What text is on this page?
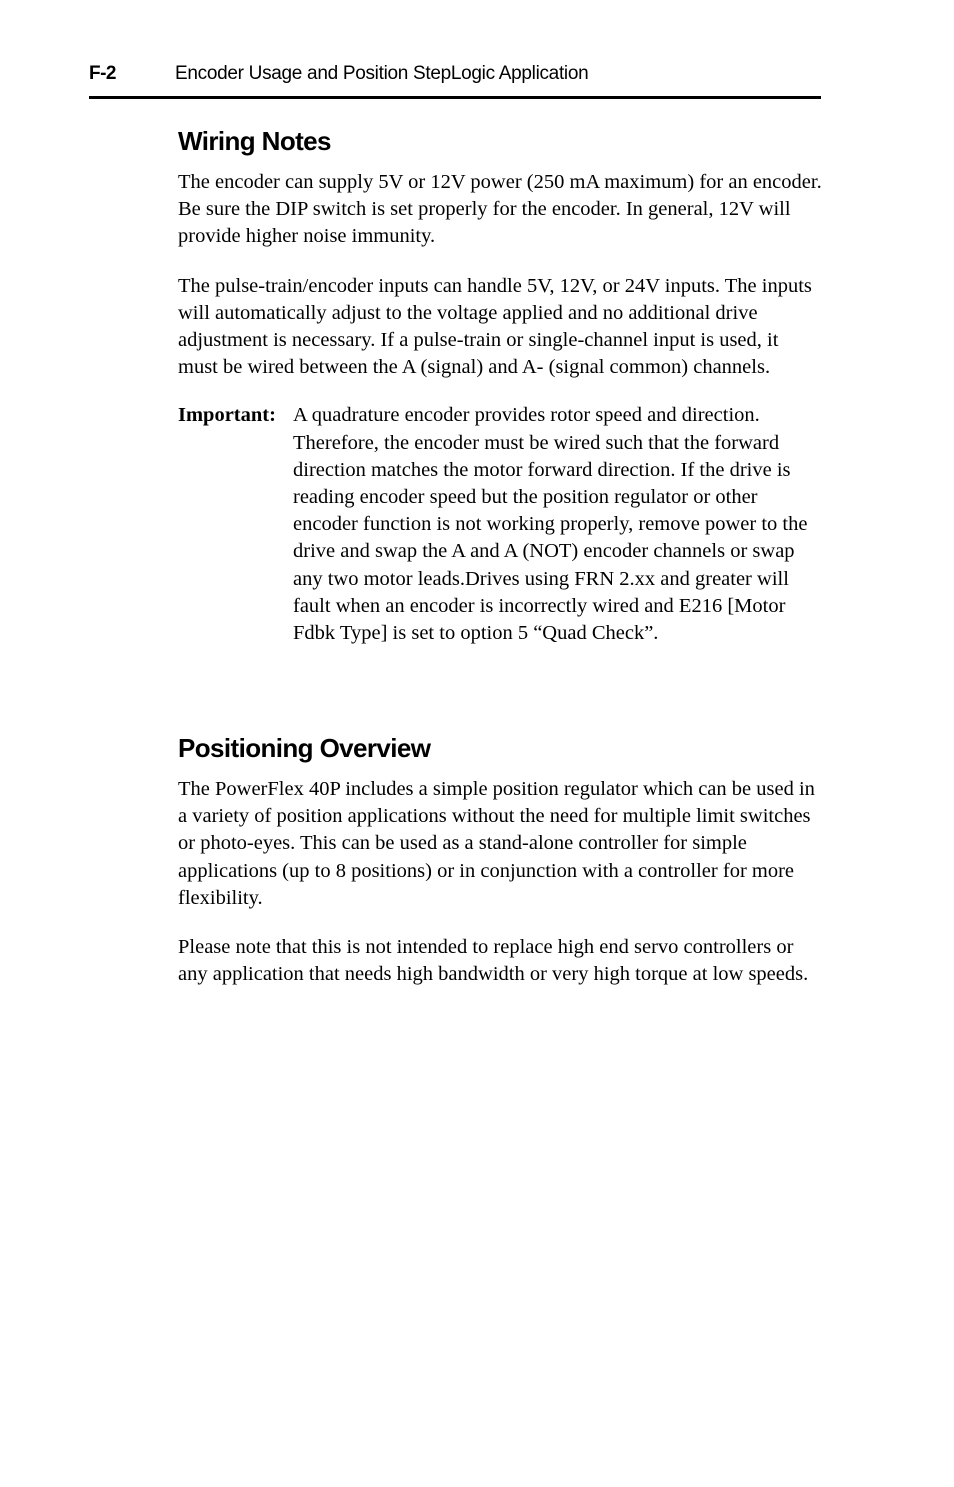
F-2	Encoder Usage and Position StepLogic Application
Wiring Notes

The encoder can supply 5V or 12V power (250 mA maximum) for an encoder. Be sure the DIP switch is set properly for the encoder. In general, 12V will provide higher noise immunity.

The pulse-train/encoder inputs can handle 5V, 12V, or 24V inputs. The inputs will automatically adjust to the voltage applied and no additional drive adjustment is necessary. If a pulse-train or single-channel input is used, it must be wired between the A (signal) and A- (signal common) channels.

Important: A quadrature encoder provides rotor speed and direction. Therefore, the encoder must be wired such that the forward direction matches the motor forward direction. If the drive is reading encoder speed but the position regulator or other encoder function is not working properly, remove power to the drive and swap the A and A (NOT) encoder channels or swap any two motor leads.Drives using FRN 2.xx and greater will fault when an encoder is incorrectly wired and E216 [Motor Fdbk Type] is set to option 5 “Quad Check”.
Positioning Overview

The PowerFlex 40P includes a simple position regulator which can be used in a variety of position applications without the need for multiple limit switches or photo-eyes. This can be used as a stand-alone controller for simple applications (up to 8 positions) or in conjunction with a controller for more flexibility.

Please note that this is not intended to replace high end servo controllers or any application that needs high bandwidth or very high torque at low speeds.
